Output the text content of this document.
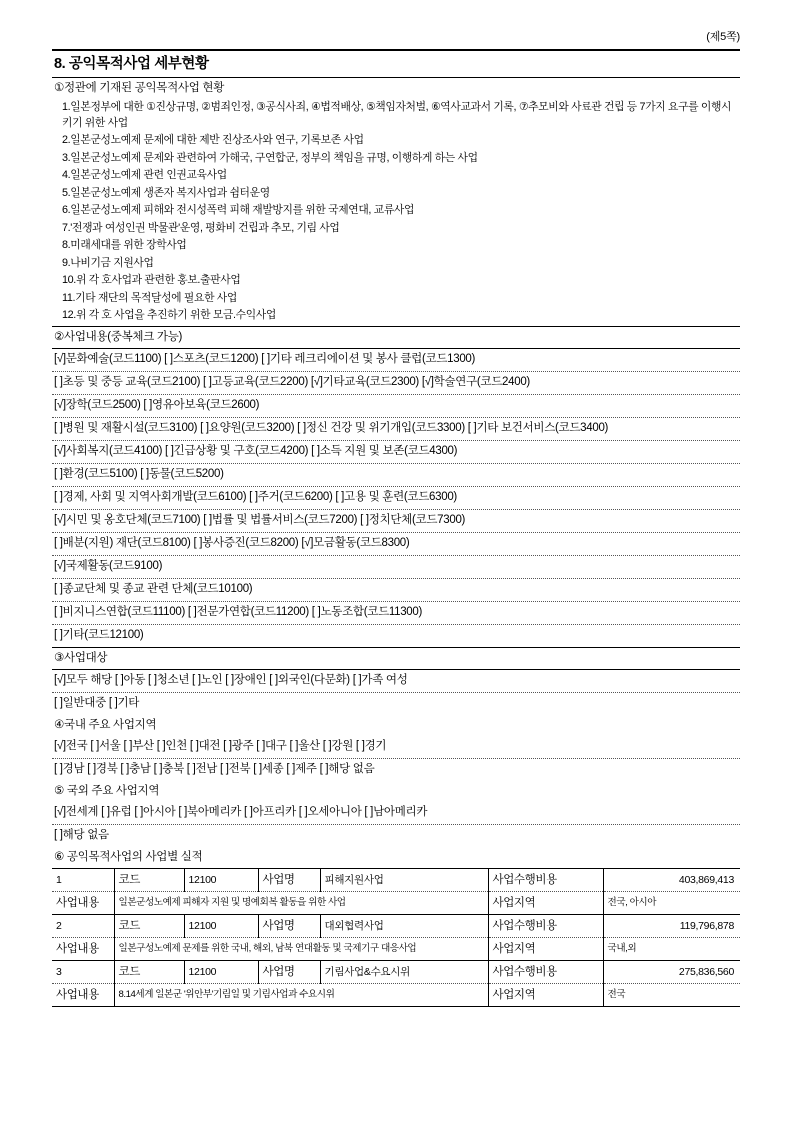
(제5쪽)
8. 공익목적사업 세부현황
①정관에 기재된 공익목적사업 현황
1.일본정부에 대한 ①진상규명, ②범죄인정, ③공식사죄, ④법적배상, ⑤책임자처벌, ⑥역사교과서 기록, ⑦추모비와 사료관 건립 등 7가지 요구를 이행시키기 위한 사업
2.일본군성노예제 문제에 대한 제반 진상조사와 연구, 기록보존 사업
3.일본군성노예제 문제와 관련하여 가해국, 구연합군, 정부의 책임을 규명, 이행하게 하는 사업
4.일본군성노예제 관련 인권교육사업
5.일본군성노예제 생존자 복지사업과 쉼터운영
6.일본군성노예제 피해와 전시성폭력 피해 재발방지를 위한 국제연대, 교류사업
7.'전쟁과 여성인권 박물관'운영, 평화비 건립과 추모, 기림 사업
8.미래세대를 위한 장학사업
9.나비기금 지원사업
10.위 각 호사업과 관련한 홍보.출판사업
11.기타 재단의 목적달성에 필요한 사업
12.위 각 호 사업을 추진하기 위한 모금.수익사업
②사업내용(중복체크 가능)
[√]문화예술(코드1100) [ ]스포츠(코드1200) [ ]기타 레크리에이션 및 봉사 클럽(코드1300)
[ ]초등 및 중등 교육(코드2100) [ ]고등교육(코드2200) [√]기타교육(코드2300) [√]학술연구(코드2400)
[√]장학(코드2500) [ ]영유아보육(코드2600)
[ ]병원 및 재활시설(코드3100) [ ]요양원(코드3200) [ ]정신 건강 및 위기개입(코드3300) [ ]기타 보건서비스(코드3400)
[√]사회복지(코드4100) [ ]긴급상황 및 구호(코드4200) [ ]소득 지원 및 보존(코드4300)
[ ]환경(코드5100) [ ]동물(코드5200)
[ ]경제, 사회 및 지역사회개발(코드6100) [ ]주거(코드6200) [ ]고용 및 훈련(코드6300)
[√]시민 및 옹호단체(코드7100) [ ]법률 및 법률서비스(코드7200) [ ]정치단체(코드7300)
[ ]배분(지원) 재단(코드8100) [ ]봉사증진(코드8200) [√]모금활동(코드8300)
[√]국제활동(코드9100)
[ ]종교단체 및 종교 관련 단체(코드10100)
[ ]비지니스연합(코드11100) [ ]전문가연합(코드11200) [ ]노동조합(코드11300)
[ ]기타(코드12100)
③사업대상
[√]모두 해당 [ ]아동 [ ]청소년 [ ]노인 [ ]장애인 [ ]외국인(다문화) [ ]가족 여성
[ ]일반대중 [ ]기타
④국내 주요 사업지역
[√]전국 [ ]서울 [ ]부산 [ ]인천 [ ]대전 [ ]광주 [ ]대구 [ ]울산 [ ]강원 [ ]경기
[ ]경남 [ ]경북 [ ]충남 [ ]충북 [ ]전남 [ ]전북 [ ]세종 [ ]제주 [ ]해당 없음
⑤ 국외 주요 사업지역
[√]전세계 [ ]유럽 [ ]아시아 [ ]북아메리카 [ ]아프리카 [ ]오세아니아 [ ]남아메리카
[ ]해당 없음
⑥ 공익목적사업의 사업별 실적
1	코드	12100	사업명	피해지원사업	사업수행비용	403,869,413
사업내용	일본군성노예제 피해자 지원 및 명예회복 활동을 위한 사업				사업지역	전국, 아시아
2	코드	12100	사업명	대외협력사업	사업수행비용	119,796,878
사업내용	일본구성노예제 문제를 위한 국내, 해외, 남북 연대활동 및 국제기구 대응사업				사업지역	국내,외
3	코드	12100	사업명	기림사업&수요시위	사업수행비용	275,836,560
사업내용	8.14세계 일본군 '위안부'기림일 및 기림사업과 수요시위				사업지역	전국
